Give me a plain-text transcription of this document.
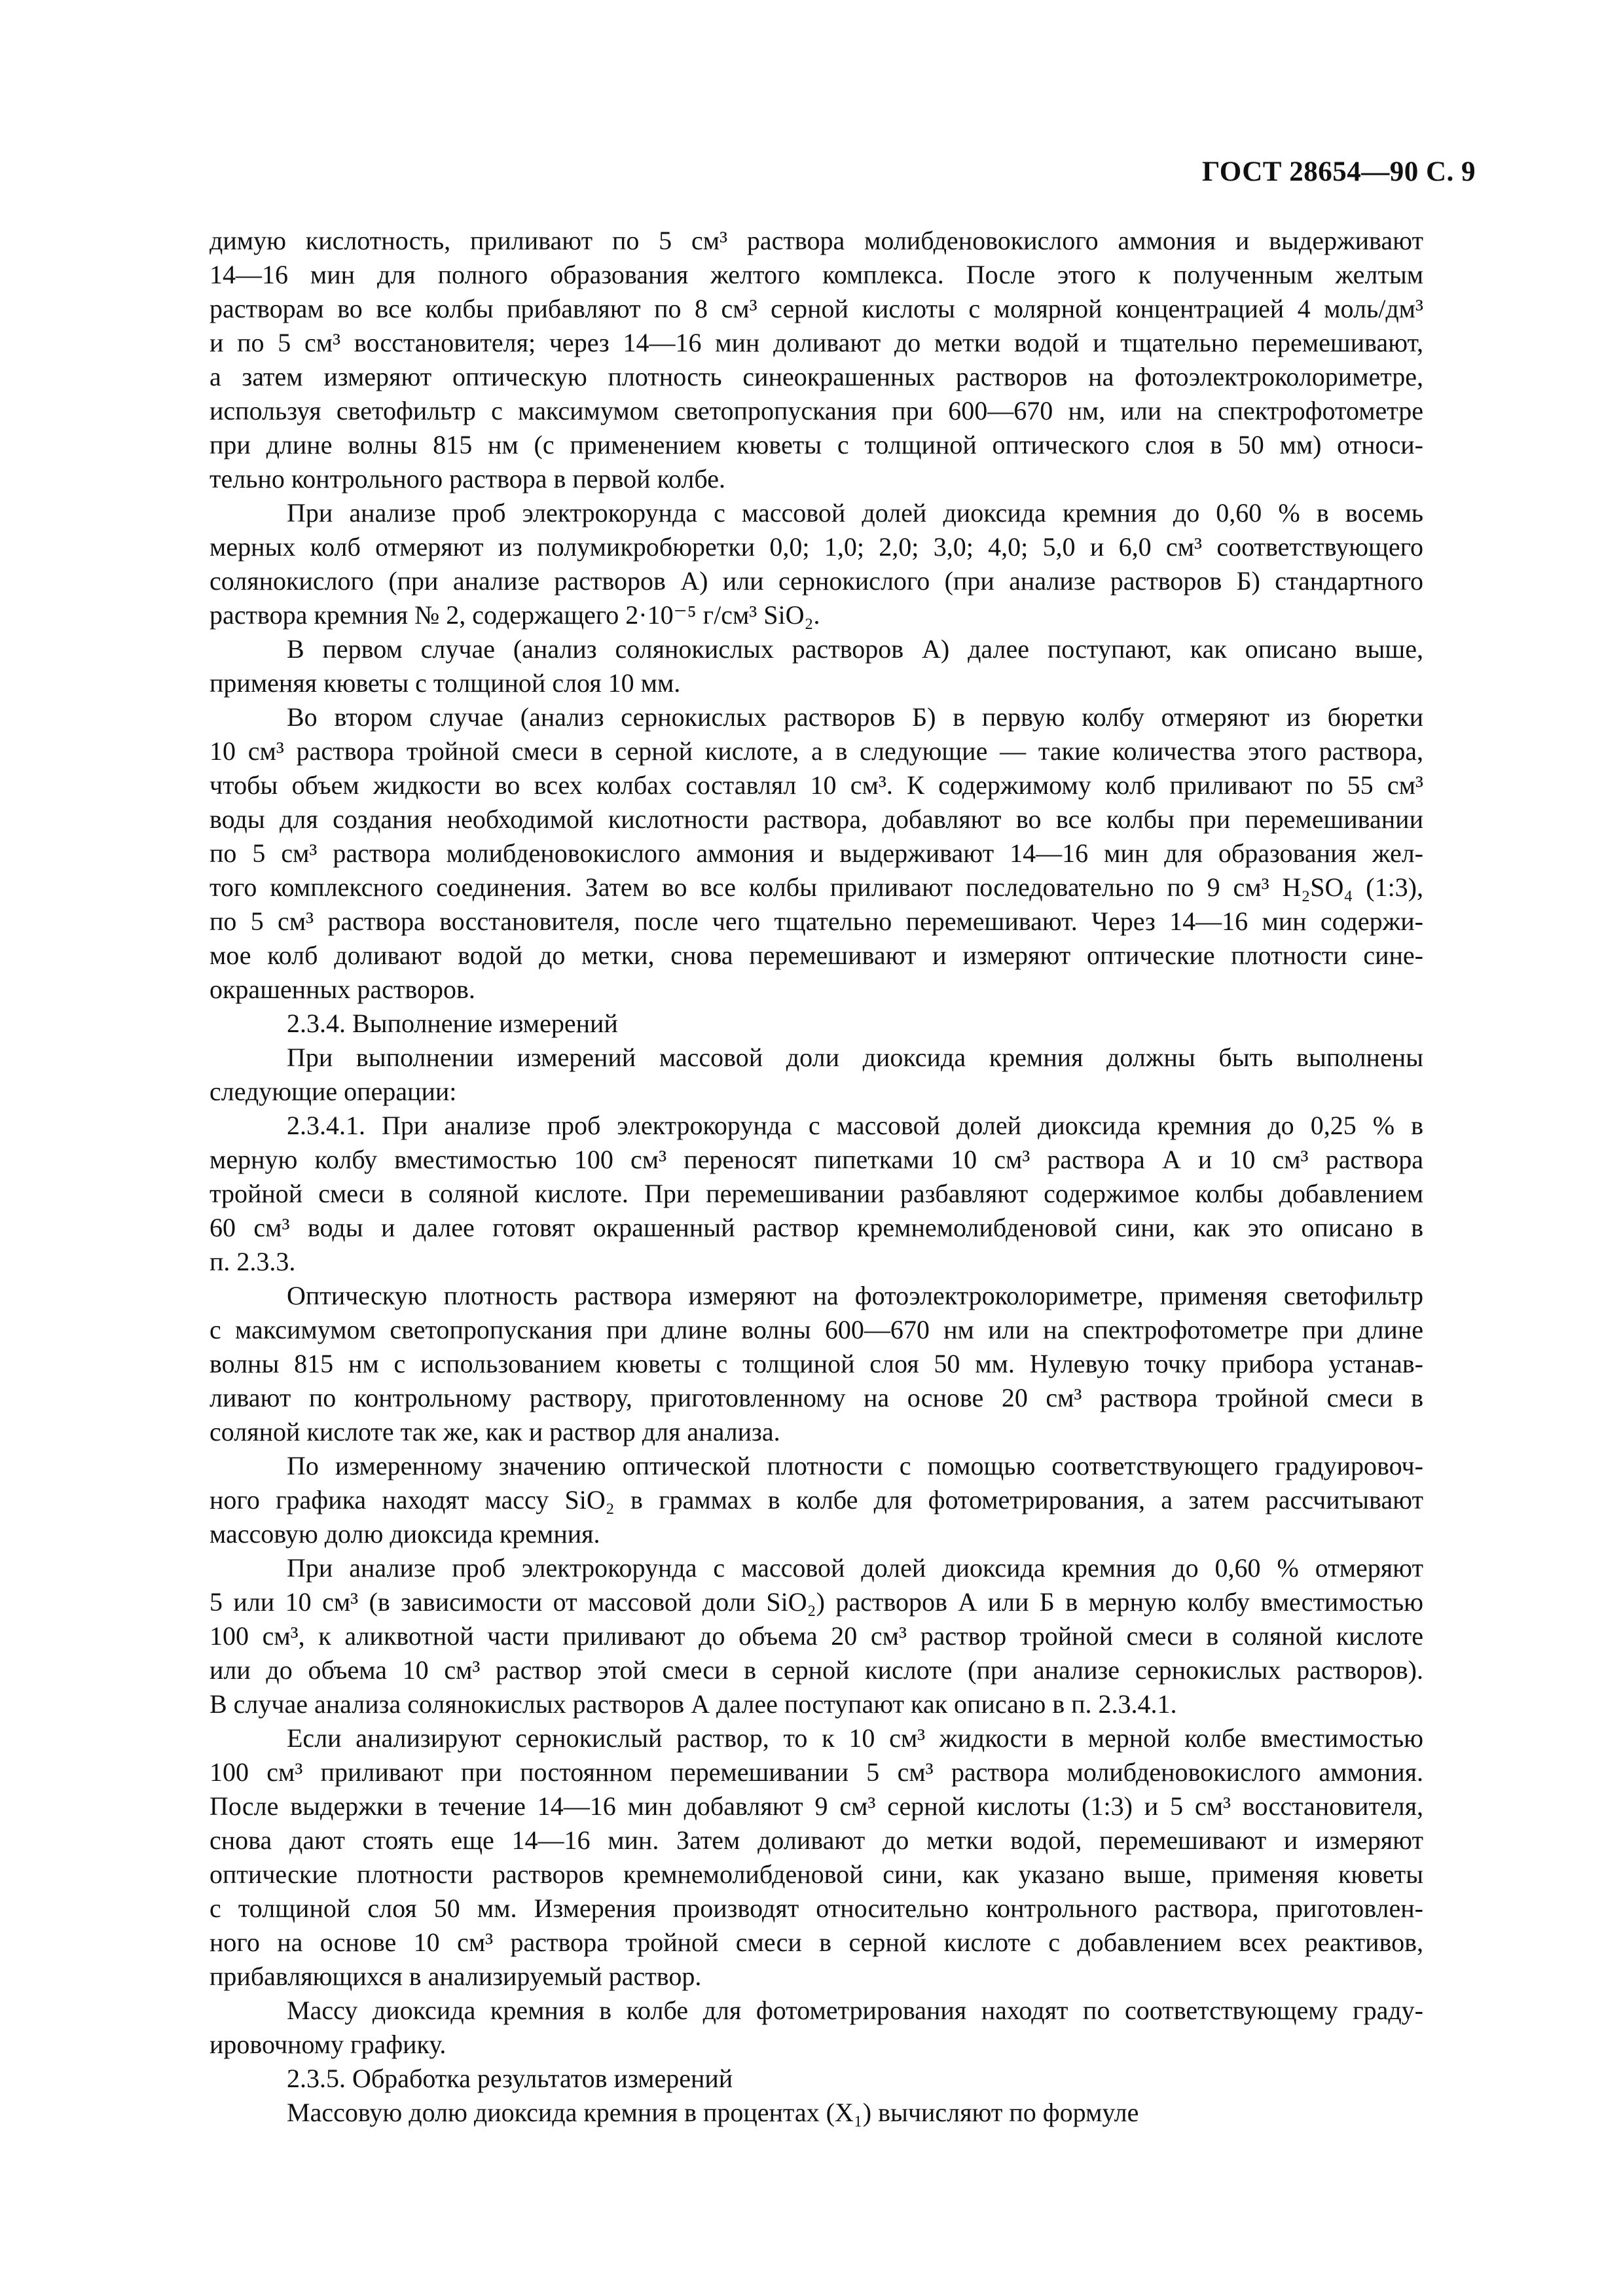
ГОСТ 28654—90 С. 9
димую кислотность, приливают по 5 см³ раствора молибденовокислого аммония и выдерживают
14—16 мин для полного образования желтого комплекса. После этого к полученным желтым
растворам во все колбы прибавляют по 8 см³ серной кислоты с молярной концентрацией 4 моль/дм³
и по 5 см³ восстановителя; через 14—16 мин доливают до метки водой и тщательно перемешивают,
а затем измеряют оптическую плотность синеокрашенных растворов на фотоэлектроколориметре,
используя светофильтр с максимумом светопропускания при 600—670 нм, или на спектрофотометре
при длине волны 815 нм (с применением кюветы с толщиной оптического слоя в 50 мм) относи-
тельно контрольного раствора в первой колбе.
При анализе проб электрокорунда с массовой долей диоксида кремния до 0,60 % в восемь
мерных колб отмеряют из полумикробюретки 0,0; 1,0; 2,0; 3,0; 4,0; 5,0 и 6,0 см³ соответствующего
солянокислого (при анализе растворов А) или сернокислого (при анализе растворов Б) стандартного
раствора кремния № 2, содержащего 2·10⁻⁵ г/см³ SiO₂.
В первом случае (анализ солянокислых растворов А) далее поступают, как описано выше,
применяя кюветы с толщиной слоя 10 мм.
Во втором случае (анализ сернокислых растворов Б) в первую колбу отмеряют из бюретки
10 см³ раствора тройной смеси в серной кислоте, а в следующие — такие количества этого раствора,
чтобы объем жидкости во всех колбах составлял 10 см³. К содержимому колб приливают по 55 см³
воды для создания необходимой кислотности раствора, добавляют во все колбы при перемешивании
по 5 см³ раствора молибденовокислого аммония и выдерживают 14—16 мин для образования жел-
того комплексного соединения. Затем во все колбы приливают последовательно по 9 см³ H₂SO₄ (1:3),
по 5 см³ раствора восстановителя, после чего тщательно перемешивают. Через 14—16 мин содержи-
мое колб доливают водой до метки, снова перемешивают и измеряют оптические плотности сине-
окрашенных растворов.
2.3.4. Выполнение измерений
При выполнении измерений массовой доли диоксида кремния должны быть выполнены
следующие операции:
2.3.4.1. При анализе проб электрокорунда с массовой долей диоксида кремния до 0,25 % в
мерную колбу вместимостью 100 см³ переносят пипетками 10 см³ раствора А и 10 см³ раствора
тройной смеси в соляной кислоте. При перемешивании разбавляют содержимое колбы добавлением
60 см³ воды и далее готовят окрашенный раствор кремнемолибденовой сини, как это описано в
п. 2.3.3.
Оптическую плотность раствора измеряют на фотоэлектроколориметре, применяя светофильтр
с максимумом светопропускания при длине волны 600—670 нм или на спектрофотометре при длине
волны 815 нм с использованием кюветы с толщиной слоя 50 мм. Нулевую точку прибора устанав-
ливают по контрольному раствору, приготовленному на основе 20 см³ раствора тройной смеси в
соляной кислоте так же, как и раствор для анализа.
По измеренному значению оптической плотности с помощью соответствующего градуировоч-
ного графика находят массу SiO₂ в граммах в колбе для фотометрирования, а затем рассчитывают
массовую долю диоксида кремния.
При анализе проб электрокорунда с массовой долей диоксида кремния до 0,60 % отмеряют
5 или 10 см³ (в зависимости от массовой доли SiO₂) растворов А или Б в мерную колбу вместимостью
100 см³, к аликвотной части приливают до объема 20 см³ раствор тройной смеси в соляной кислоте
или до объема 10 см³ раствор этой смеси в серной кислоте (при анализе сернокислых растворов).
В случае анализа солянокислых растворов А далее поступают как описано в п. 2.3.4.1.
Если анализируют сернокислый раствор, то к 10 см³ жидкости в мерной колбе вместимостью
100 см³ приливают при постоянном перемешивании 5 см³ раствора молибденовокислого аммония.
После выдержки в течение 14—16 мин добавляют 9 см³ серной кислоты (1:3) и 5 см³ восстановителя,
снова дают стоять еще 14—16 мин. Затем доливают до метки водой, перемешивают и измеряют
оптические плотности растворов кремнемолибденовой сини, как указано выше, применяя кюветы
с толщиной слоя 50 мм. Измерения производят относительно контрольного раствора, приготовлен-
ного на основе 10 см³ раствора тройной смеси в серной кислоте с добавлением всех реактивов,
прибавляющихся в анализируемый раствор.
Массу диоксида кремния в колбе для фотометрирования находят по соответствующему граду-
ировочному графику.
2.3.5. Обработка результатов измерений
Массовую долю диоксида кремния в процентах (X₁) вычисляют по формуле
